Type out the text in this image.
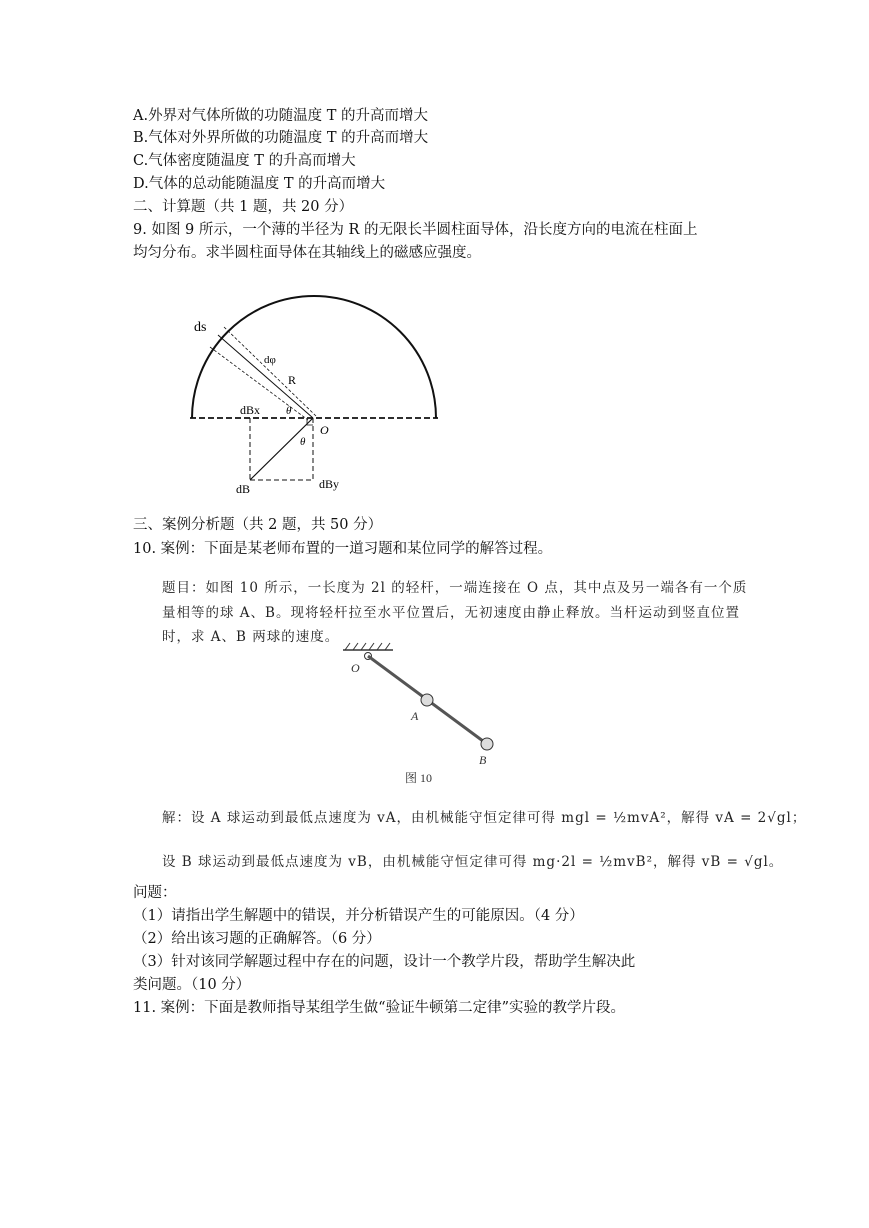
A.外界对气体所做的功随温度 T 的升高而增大
B.气体对外界所做的功随温度 T 的升高而增大
C.气体密度随温度 T 的升高而增大
D.气体的总动能随温度 T 的升高而增大
二、计算题（共 1 题，共 20 分）
9. 如图 9 所示，一个薄的半径为 R 的无限长半圆柱面导体，沿长度方向的电流在柱面上
均匀分布。求半圆柱面导体在其轴线上的磁感应强度。
ds
dφ
R
dBx θ
O
θ
dB	dBy
三、案例分析题（共 2 题，共 50 分）
10. 案例：下面是某老师布置的一道习题和某位同学的解答过程。
题目：如图 10 所示，一长度为 2l 的轻杆，一端连接在 O 点，其中点及另一端各有一个质
量相等的球 A、B。现将轻杆拉至水平位置后，无初速度由静止释放。当杆运动到竖直位置
时，求 A、B 两球的速度。
O
A
B
图 10
解：设 A 球运动到最低点速度为 vA，由机械能守恒定律可得 mgl = ½mvA²，解得 vA = 2√gl；
设 B 球运动到最低点速度为 vB，由机械能守恒定律可得 mg·2l = ½mvB²，解得 vB = √gl。
问题：
（1）请指出学生解题中的错误，并分析错误产生的可能原因。（4 分）
（2）给出该习题的正确解答。（6 分）
（3）针对该同学解题过程中存在的问题，设计一个教学片段，帮助学生解决此
类问题。（10 分）
11. 案例：下面是教师指导某组学生做“验证牛顿第二定律”实验的教学片段。
